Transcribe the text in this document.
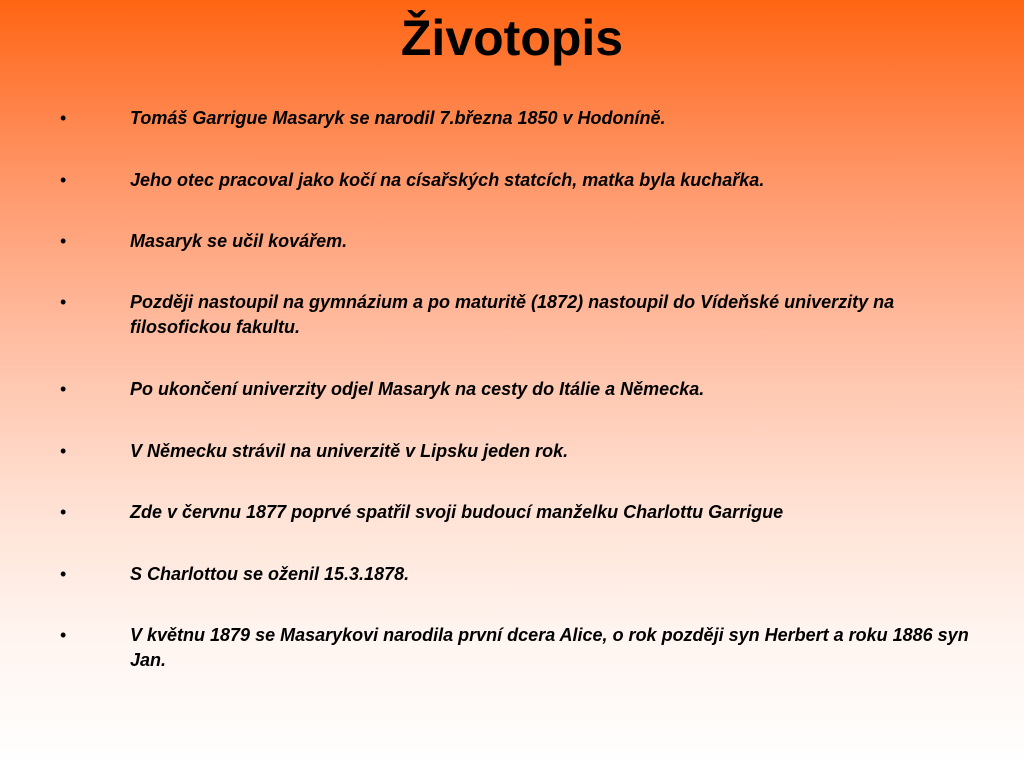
Životopis
•	Tomáš Garrigue Masaryk se narodil 7.března 1850 v Hodoníně.
•	Jeho otec pracoval jako kočí na císařských statcích, matka byla kuchařka.
•	Masaryk se učil kovářem.
•	Později nastoupil na gymnázium a po maturitě (1872) nastoupil do Vídeňské univerzity na filosofickou fakultu.
•	Po ukončení univerzity odjel Masaryk na cesty do Itálie a Německa.
•	V Německu strávil na univerzitě v Lipsku jeden rok.
•	Zde v červnu 1877 poprvé spatřil svoji budoucí manželku Charlottu Garrigue
•	S Charlottou se oženil 15.3.1878.
•	V květnu 1879 se Masarykovi narodila první dcera Alice, o rok později syn Herbert a roku 1886 syn Jan.
